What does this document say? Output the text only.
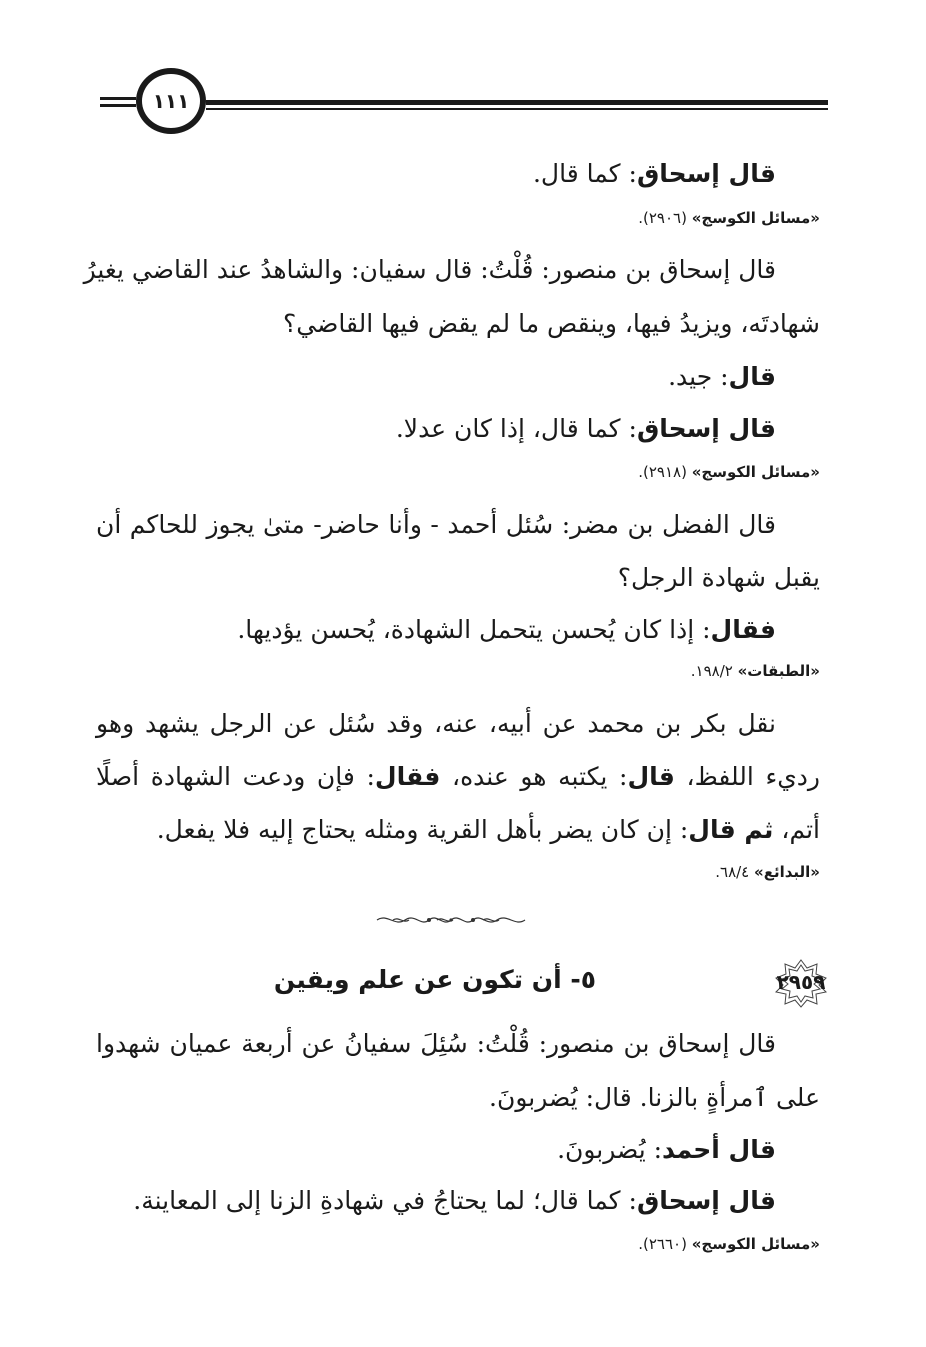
١١١
قال إسحاق: كما قال.
«مسائل الكوسج» (٢٩٠٦).
قال إسحاق بن منصور: قُلْتُ: قال سفيان: والشاهدُ عند القاضي يغيرُ
شهادتَه، ويزيدُ فيها، وينقص ما لم يقض فيها القاضي؟
قال: جيد.
قال إسحاق: كما قال، إذا كان عدلا.
«مسائل الكوسج» (٢٩١٨).
قال الفضل بن مضر: سُئل أحمد - وأنا حاضر- متىٰ يجوز للحاكم أن
يقبل شهادة الرجل؟
فقال: إذا كان يُحسن يتحمل الشهادة، يُحسن يؤديها.
«الطبقات» ١٩٨/٢.
نقل بكر بن محمد عن أبيه، عنه، وقد سُئل عن الرجل يشهد وهو
رديء اللفظ، قال: يكتبه هو عنده، فقال: فإن ودعت الشهادة أصلًا
أتم، ثم قال: إن كان يضر بأهل القرية ومثله يحتاج إليه فلا يفعل.
«البدائع» ٦٨/٤.
٢٩٥٩
٥- أن تكون عن علم ويقين
قال إسحاق بن منصور: قُلْتُ: سُئِلَ سفيانُ عن أربعة عميان شهدوا
على ٱمرأةٍ بالزنا. قال: يُضربونَ.
قال أحمد: يُضربونَ.
قال إسحاق: كما قال؛ لما يحتاجُ في شهادةِ الزنا إلى المعاينة.
«مسائل الكوسج» (٢٦٦٠).
